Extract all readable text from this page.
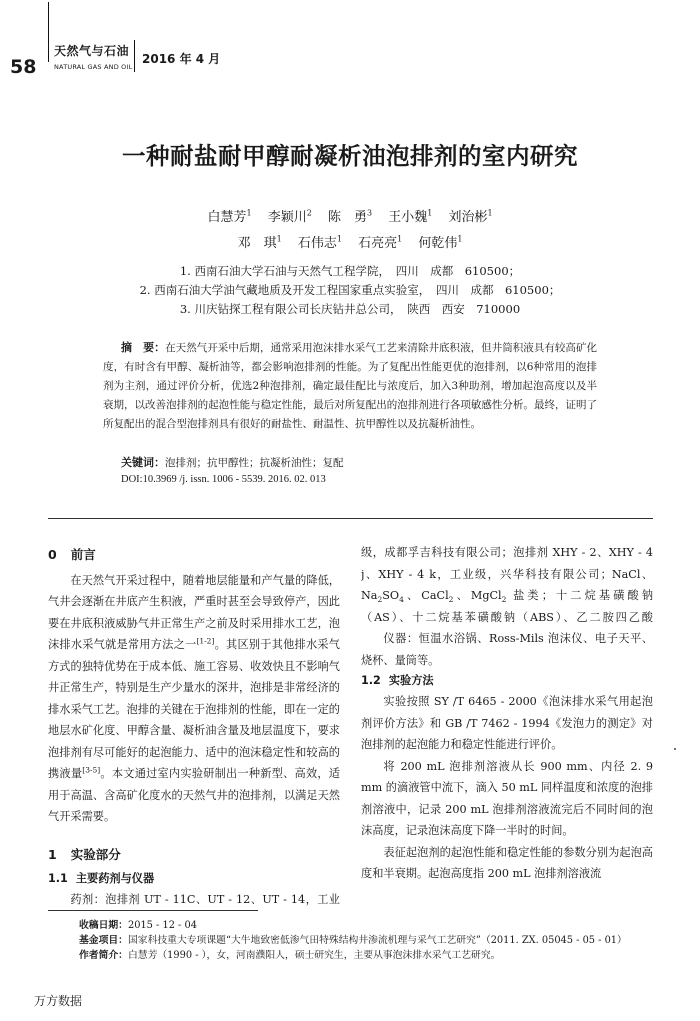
58
天然气与石油
NATURAL GAS AND OIL
2016 年 4 月
一种耐盐耐甲醇耐凝析油泡排剂的室内研究
白慧芳$^1$ 李颖川$^2$ 陈　勇$^3$ 王小魏$^1$ 刘治彬$^1$
邓　琪$^1$ 石伟志$^1$ 石亮亮$^1$ 何乾伟$^1$
1. 西南石油大学石油与天然气工程学院，　四川　成都　610500；
2. 西南石油大学油气藏地质及开发工程国家重点实验室，　四川　成都　610500；
3. 川庆钻探工程有限公司长庆钻井总公司，　陕西　西安　710000
摘　要：在天然气开采中后期，通常采用泡沫排水采气工艺来清除井底积液，但井筒积液具有较高矿化度，有时含有甲醇、凝析油等，都会影响泡排剂的性能。为了复配出性能更优的泡排剂，以6种常用的泡排剂为主剂，通过评价分析，优选2种泡排剂，确定最佳配比与浓度后，加入3种助剂，增加起泡高度以及半衰期，以改善泡排剂的起泡性能与稳定性能，最后对所复配出的泡排剂进行各项敏感性分析。最终，证明了所复配出的混合型泡排剂具有很好的耐盐性、耐温性、抗甲醇性以及抗凝析油性。
关键词：泡排剂；抗甲醇性；抗凝析油性；复配
DOI:10.3969 /j. issn. 1006 - 5539. 2016. 02. 013
0 前言

在天然气开采过程中，随着地层能量和产气量的降低，气井会逐渐在井底产生积液，严重时甚至会导致停产，因此要在井底积液威胁气井正常生产之前及时采用排水工艺，泡沫排水采气就是常用方法之一[1-2]。其区别于其他排水采气方式的独特优势在于成本低、施工容易、收效快且不影响气井正常生产，特别是生产少量水的深井，泡排是非常经济的排水采气工艺。泡排的关键在于泡排剂的性能，即在一定的地层水矿化度、甲醇含量、凝析油含量及地层温度下，要求泡排剂有尽可能好的起泡能力、适中的泡沫稳定性和较高的携液量[3-5]。本文通过室内实验研制出一种新型、高效，适用于高温、含高矿化度水的天然气井的泡排剂，以满足天然气开采需要。

1 实验部分
1.1 主要药剂与仪器

药剂：泡排剂 UT - 11C、UT - 12、UT - 14，工业

级，成都孚吉科技有限公司；泡排剂 XHY - 2、XHY - 4 j、XHY - 4 k，工业级，兴华科技有限公司；NaCl、$Na_2SO_4$、CaCl$_2$、MgCl$_2$ 盐类；十二烷基磺酸钠（AS）、十二烷基苯磺酸钠（ABS）、乙二胺四乙酸

仪器：恒温水浴锅、Ross-Mils 泡沫仪、电子天平、烧杯、量筒等。

1.2 实验方法

实验按照 SY /T 6465 - 2000《泡沫排水采气用起泡剂评价方法》和 GB /T 7462 - 1994《发泡力的测定》对泡排剂的起泡能力和稳定性能进行评价。

将 200 mL 泡排剂溶液从长 900 mm、内径 2. 9 mm 的滴液管中流下，滴入 50 mL 同样温度和浓度的泡排剂溶液中，记录 200 mL 泡排剂溶液流完后不同时间的泡沫高度，记录泡沫高度下降一半时的时间。

表征起泡剂的起泡性能和稳定性能的参数分别为起泡高度和半衰期。起泡高度指 200 mL 泡排剂溶液流

收稿日期：2015 - 12 - 04

基金项目：国家科技重大专项课题“大牛地致密低渗气田特殊结构井渗流机理与采气工艺研究”（2011. ZX. 05045 - 05 - 01）

作者简介：白慧芳（1990 - ），女，河南濮阳人，硕士研究生，主要从事泡沫排水采气工艺研究。

万方数据
